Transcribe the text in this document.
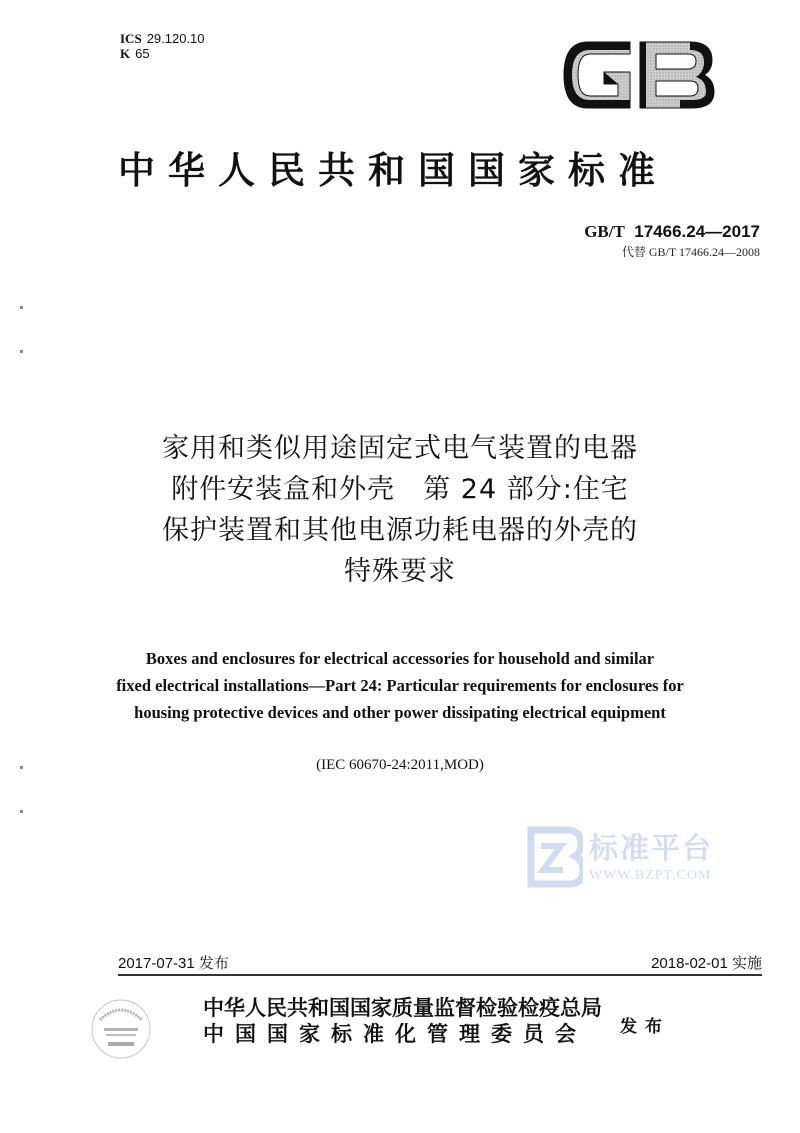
ICS 29.120.10
K 65
中华人民共和国国家标准
GB/T 17466.24—2017
代替 GB/T 17466.24—2008
家用和类似用途固定式电气装置的电器
附件安装盒和外壳　第 24 部分:住宅
保护装置和其他电源功耗电器的外壳的
特殊要求
Boxes and enclosures for electrical accessories for household and similar
fixed electrical installations—Part 24: Particular requirements for enclosures for
housing protective devices and other power dissipating electrical equipment
(IEC 60670-24:2011,MOD)
标准平台
WWW.BZPT.COM
2017-07-31 发布	2018-02-01 实施
中华人民共和国国家质量监督检验检疫总局
中国国家标准化管理委员会	发布
